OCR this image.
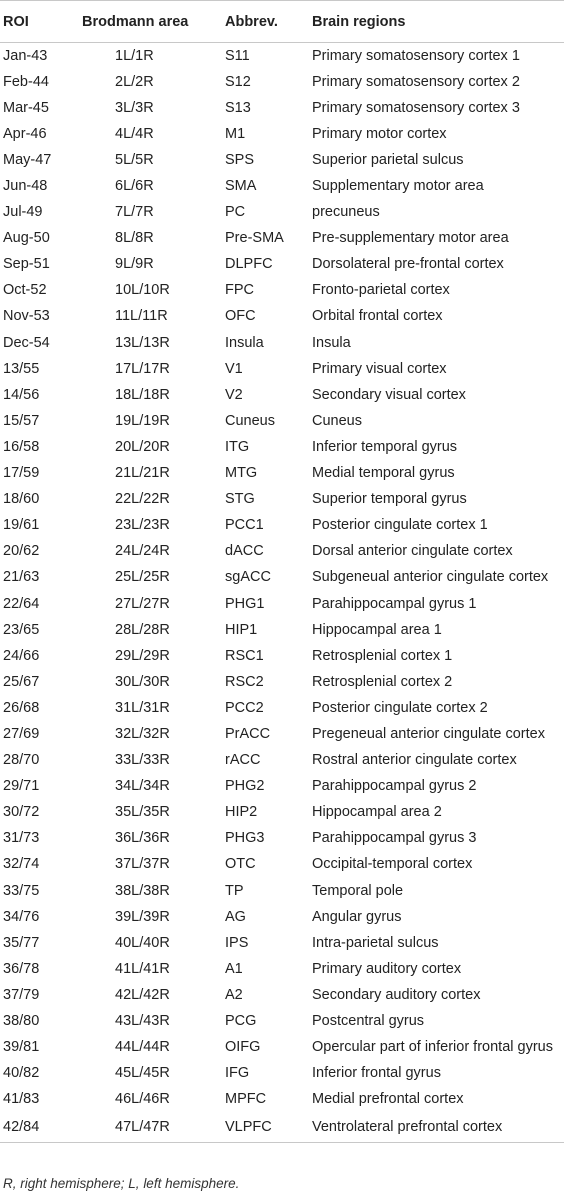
ROI	Brodmann area	Abbrev.	Brain regions
Jan-43	1L/1R	S11	Primary somatosensory cortex 1
Feb-44	2L/2R	S12	Primary somatosensory cortex 2
Mar-45	3L/3R	S13	Primary somatosensory cortex 3
Apr-46	4L/4R	M1	Primary motor cortex
May-47	5L/5R	SPS	Superior parietal sulcus
Jun-48	6L/6R	SMA	Supplementary motor area
Jul-49	7L/7R	PC	precuneus
Aug-50	8L/8R	Pre-SMA	Pre-supplementary motor area
Sep-51	9L/9R	DLPFC	Dorsolateral pre-frontal cortex
Oct-52	10L/10R	FPC	Fronto-parietal cortex
Nov-53	11L/11R	OFC	Orbital frontal cortex
Dec-54	13L/13R	Insula	Insula
13/55	17L/17R	V1	Primary visual cortex
14/56	18L/18R	V2	Secondary visual cortex
15/57	19L/19R	Cuneus	Cuneus
16/58	20L/20R	ITG	Inferior temporal gyrus
17/59	21L/21R	MTG	Medial temporal gyrus
18/60	22L/22R	STG	Superior temporal gyrus
19/61	23L/23R	PCC1	Posterior cingulate cortex 1
20/62	24L/24R	dACC	Dorsal anterior cingulate cortex
21/63	25L/25R	sgACC	Subgeneual anterior cingulate cortex
22/64	27L/27R	PHG1	Parahippocampal gyrus 1
23/65	28L/28R	HIP1	Hippocampal area 1
24/66	29L/29R	RSC1	Retrosplenial cortex 1
25/67	30L/30R	RSC2	Retrosplenial cortex 2
26/68	31L/31R	PCC2	Posterior cingulate cortex 2
27/69	32L/32R	PrACC	Pregeneual anterior cingulate cortex
28/70	33L/33R	rACC	Rostral anterior cingulate cortex
29/71	34L/34R	PHG2	Parahippocampal gyrus 2
30/72	35L/35R	HIP2	Hippocampal area 2
31/73	36L/36R	PHG3	Parahippocampal gyrus 3
32/74	37L/37R	OTC	Occipital-temporal cortex
33/75	38L/38R	TP	Temporal pole
34/76	39L/39R	AG	Angular gyrus
35/77	40L/40R	IPS	Intra-parietal sulcus
36/78	41L/41R	A1	Primary auditory cortex
37/79	42L/42R	A2	Secondary auditory cortex
38/80	43L/43R	PCG	Postcentral gyrus
39/81	44L/44R	OIFG	Opercular part of inferior frontal gyrus
40/82	45L/45R	IFG	Inferior frontal gyrus
41/83	46L/46R	MPFC	Medial prefrontal cortex
42/84	47L/47R	VLPFC	Ventrolateral prefrontal cortex
R, right hemisphere; L, left hemisphere.
